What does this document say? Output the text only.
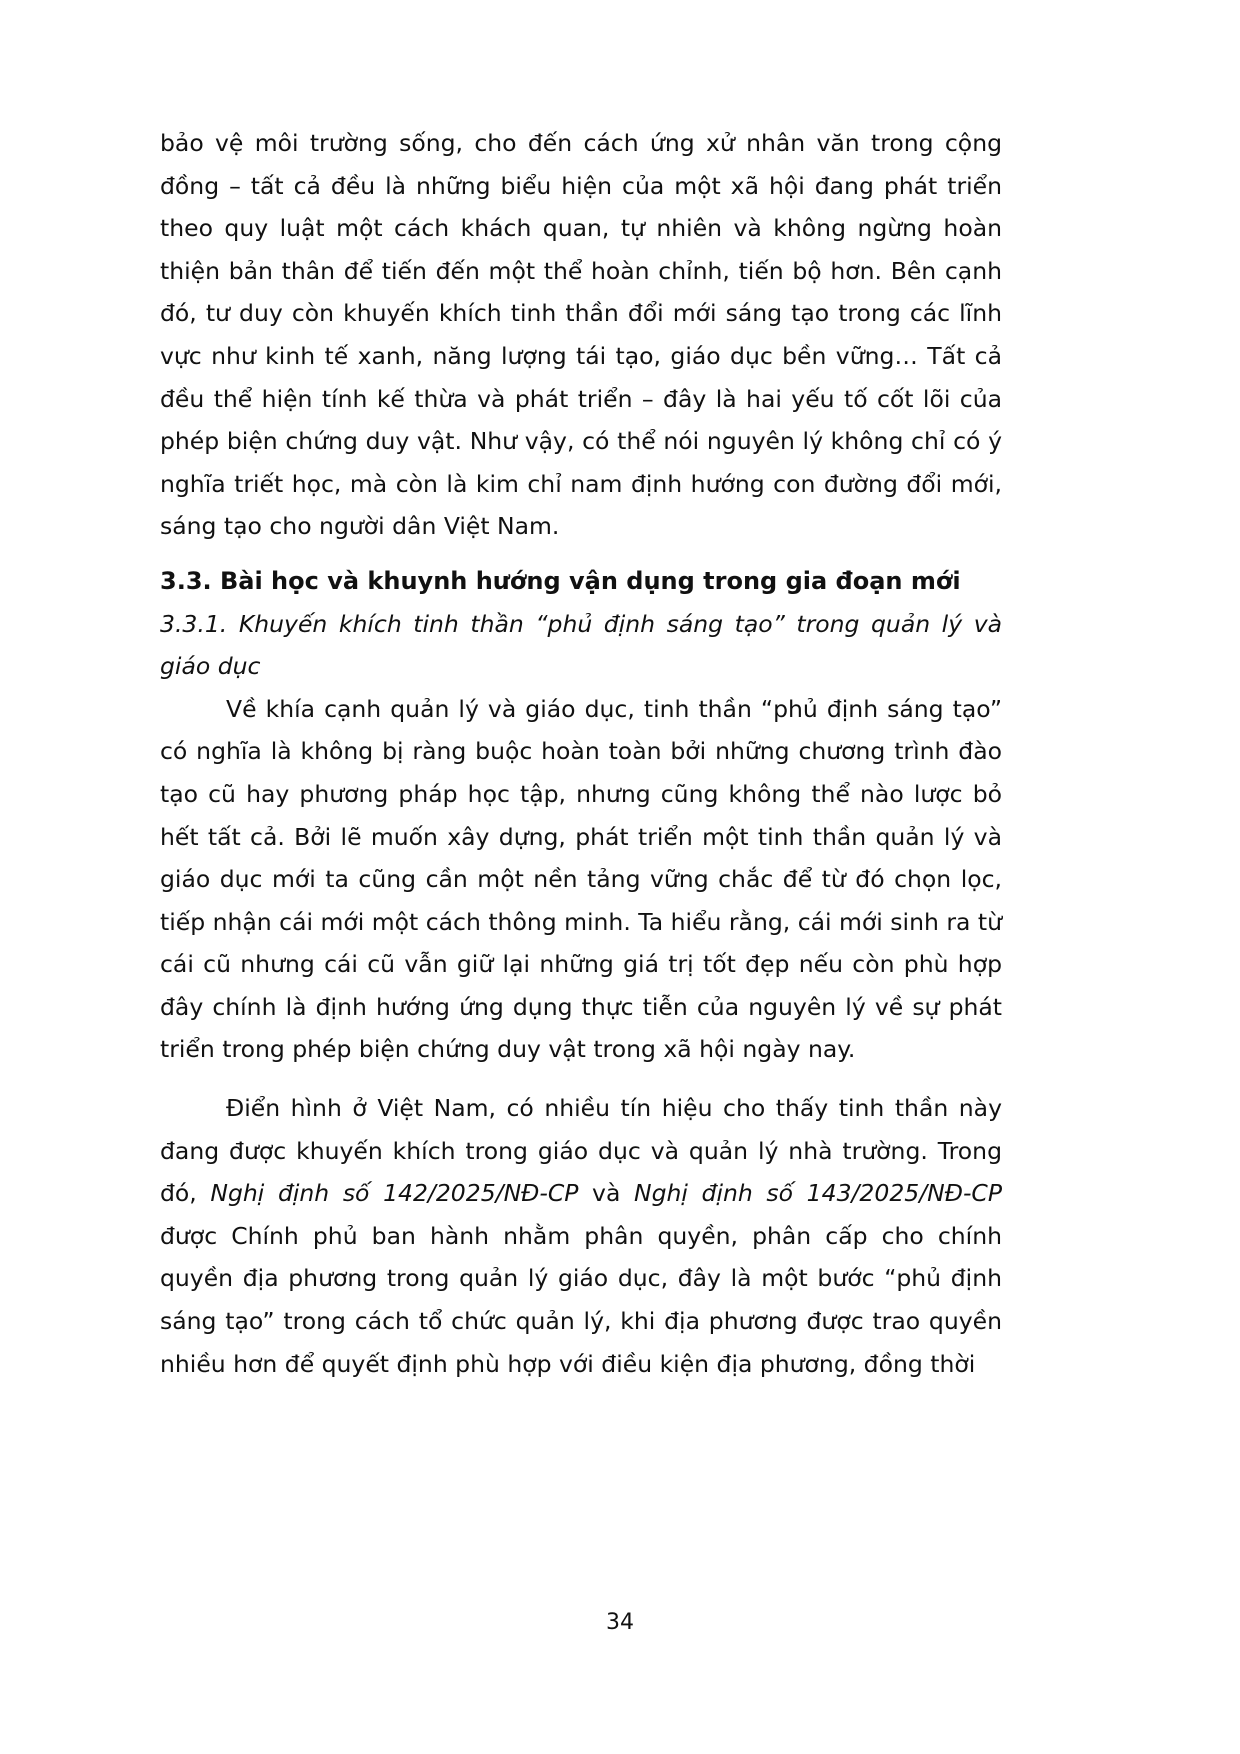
bảo vệ môi trường sống, cho đến cách ứng xử nhân văn trong cộng đồng – tất cả đều là những biểu hiện của một xã hội đang phát triển theo quy luật một cách khách quan, tự nhiên và không ngừng hoàn thiện bản thân để tiến đến một thể hoàn chỉnh, tiến bộ hơn. Bên cạnh đó, tư duy còn khuyến khích tinh thần đổi mới sáng tạo trong các lĩnh vực như kinh tế xanh, năng lượng tái tạo, giáo dục bền vững… Tất cả đều thể hiện tính kế thừa và phát triển – đây là hai yếu tố cốt lõi của phép biện chứng duy vật. Như vậy, có thể nói nguyên lý không chỉ có ý nghĩa triết học, mà còn là kim chỉ nam định hướng con đường đổi mới, sáng tạo cho người dân Việt Nam.

3.3. Bài học và khuynh hướng vận dụng trong gia đoạn mới

3.3.1. Khuyến khích tinh thần “phủ định sáng tạo” trong quản lý và giáo dục

Về khía cạnh quản lý và giáo dục, tinh thần “phủ định sáng tạo” có nghĩa là không bị ràng buộc hoàn toàn bởi những chương trình đào tạo cũ hay phương pháp học tập, nhưng cũng không thể nào lược bỏ hết tất cả. Bởi lẽ muốn xây dựng, phát triển một tinh thần quản lý và giáo dục mới ta cũng cần một nền tảng vững chắc để từ đó chọn lọc, tiếp nhận cái mới một cách thông minh. Ta hiểu rằng, cái mới sinh ra từ cái cũ nhưng cái cũ vẫn giữ lại những giá trị tốt đẹp nếu còn phù hợp đây chính là định hướng ứng dụng thực tiễn của nguyên lý về sự phát triển trong phép biện chứng duy vật trong xã hội ngày nay.

Điển hình ở Việt Nam, có nhiều tín hiệu cho thấy tinh thần này đang được khuyến khích trong giáo dục và quản lý nhà trường. Trong đó, Nghị định số 142/2025/NĐ-CP và Nghị định số 143/2025/NĐ-CP được Chính phủ ban hành nhằm phân quyền, phân cấp cho chính quyền địa phương trong quản lý giáo dục, đây là một bước “phủ định sáng tạo” trong cách tổ chức quản lý, khi địa phương được trao quyền nhiều hơn để quyết định phù hợp với điều kiện địa phương, đồng thời

34
